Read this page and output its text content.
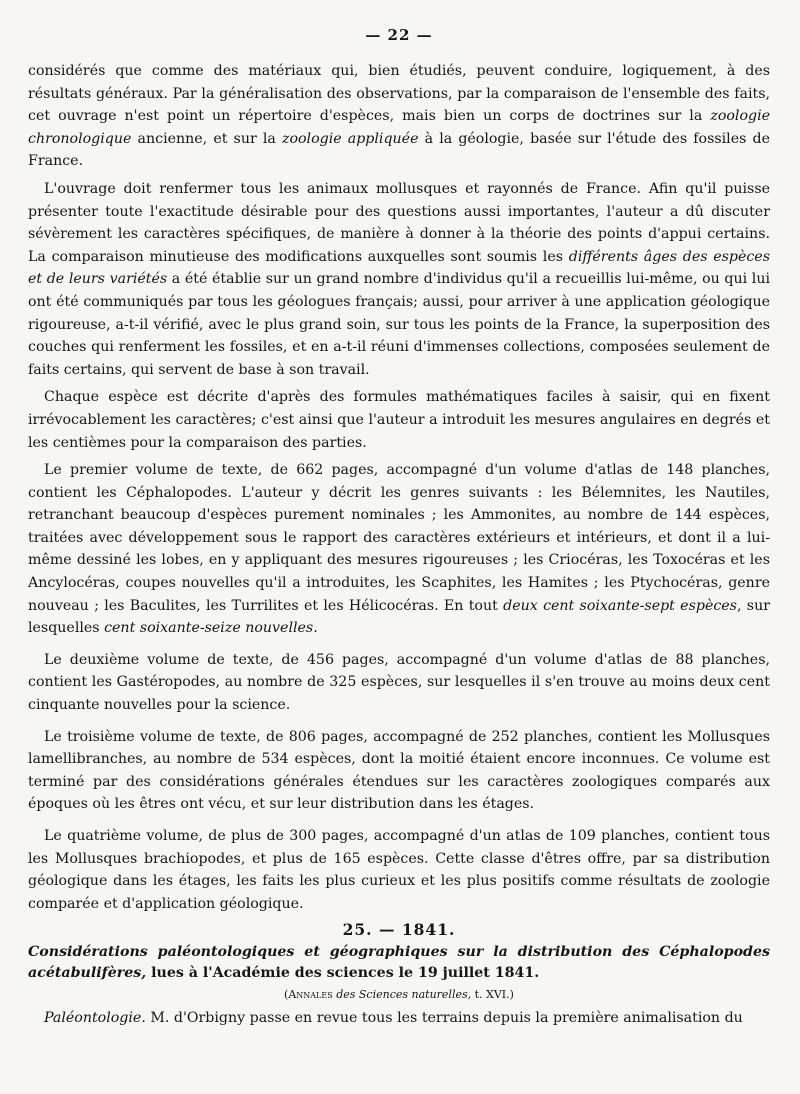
— 22 —

considérés que comme des matériaux qui, bien étudiés, peuvent conduire, logiquement, à des résultats généraux. Par la généralisation des observations, par la comparaison de l'ensemble des faits, cet ouvrage n'est point un répertoire d'espèces, mais bien un corps de doctrines sur la zoologie chronologique ancienne, et sur la zoologie appliquée à la géologie, basée sur l'étude des fossiles de France.

L'ouvrage doit renfermer tous les animaux mollusques et rayonnés de France. Afin qu'il puisse présenter toute l'exactitude désirable pour des questions aussi importantes, l'auteur a dû discuter sévèrement les caractères spécifiques, de manière à donner à la théorie des points d'appui certains. La comparaison minutieuse des modifications auxquelles sont soumis les différents âges des espèces et de leurs variétés a été établie sur un grand nombre d'individus qu'il a recueillis lui-même, ou qui lui ont été communiqués par tous les géologues français; aussi, pour arriver à une application géologique rigoureuse, a-t-il vérifié, avec le plus grand soin, sur tous les points de la France, la superposition des couches qui renferment les fossiles, et en a-t-il réuni d'immenses collections, composées seulement de faits certains, qui servent de base à son travail.

Chaque espèce est décrite d'après des formules mathématiques faciles à saisir, qui en fixent irrévocablement les caractères; c'est ainsi que l'auteur a introduit les mesures angulaires en degrés et les centièmes pour la comparaison des parties.

Le premier volume de texte, de 662 pages, accompagné d'un volume d'atlas de 148 planches, contient les Céphalopodes. L'auteur y décrit les genres suivants : les Bélemnites, les Nautiles, retranchant beaucoup d'espèces purement nominales ; les Ammonites, au nombre de 144 espèces, traitées avec développement sous le rapport des caractères extérieurs et intérieurs, et dont il a lui-même dessiné les lobes, en y appliquant des mesures rigoureuses ; les Criocéras, les Toxocéras et les Ancylocéras, coupes nouvelles qu'il a introduites, les Scaphites, les Hamites ; les Ptychocéras, genre nouveau ; les Baculites, les Turrilites et les Hélicocéras. En tout deux cent soixante-sept espèces, sur lesquelles cent soixante-seize nouvelles.

Le deuxième volume de texte, de 456 pages, accompagné d'un volume d'atlas de 88 planches, contient les Gastéropodes, au nombre de 325 espèces, sur lesquelles il s'en trouve au moins deux cent cinquante nouvelles pour la science.

Le troisième volume de texte, de 806 pages, accompagné de 252 planches, contient les Mollusques lamellibranches, au nombre de 534 espèces, dont la moitié étaient encore inconnues. Ce volume est terminé par des considérations générales étendues sur les caractères zoologiques comparés aux époques où les êtres ont vécu, et sur leur distribution dans les étages.

Le quatrième volume, de plus de 300 pages, accompagné d'un atlas de 109 planches, contient tous les Mollusques brachiopodes, et plus de 165 espèces. Cette classe d'êtres offre, par sa distribution géologique dans les étages, les faits les plus curieux et les plus positifs comme résultats de zoologie comparée et d'application géologique.

25. — 1841.

Considérations paléontologiques et géographiques sur la distribution des Céphalopodes acétabulifères, lues à l'Académie des sciences le 19 juillet 1841.

(Annales des Sciences naturelles, t. XVI.)

Paléontologie. M. d'Orbigny passe en revue tous les terrains depuis la première animalisation du
